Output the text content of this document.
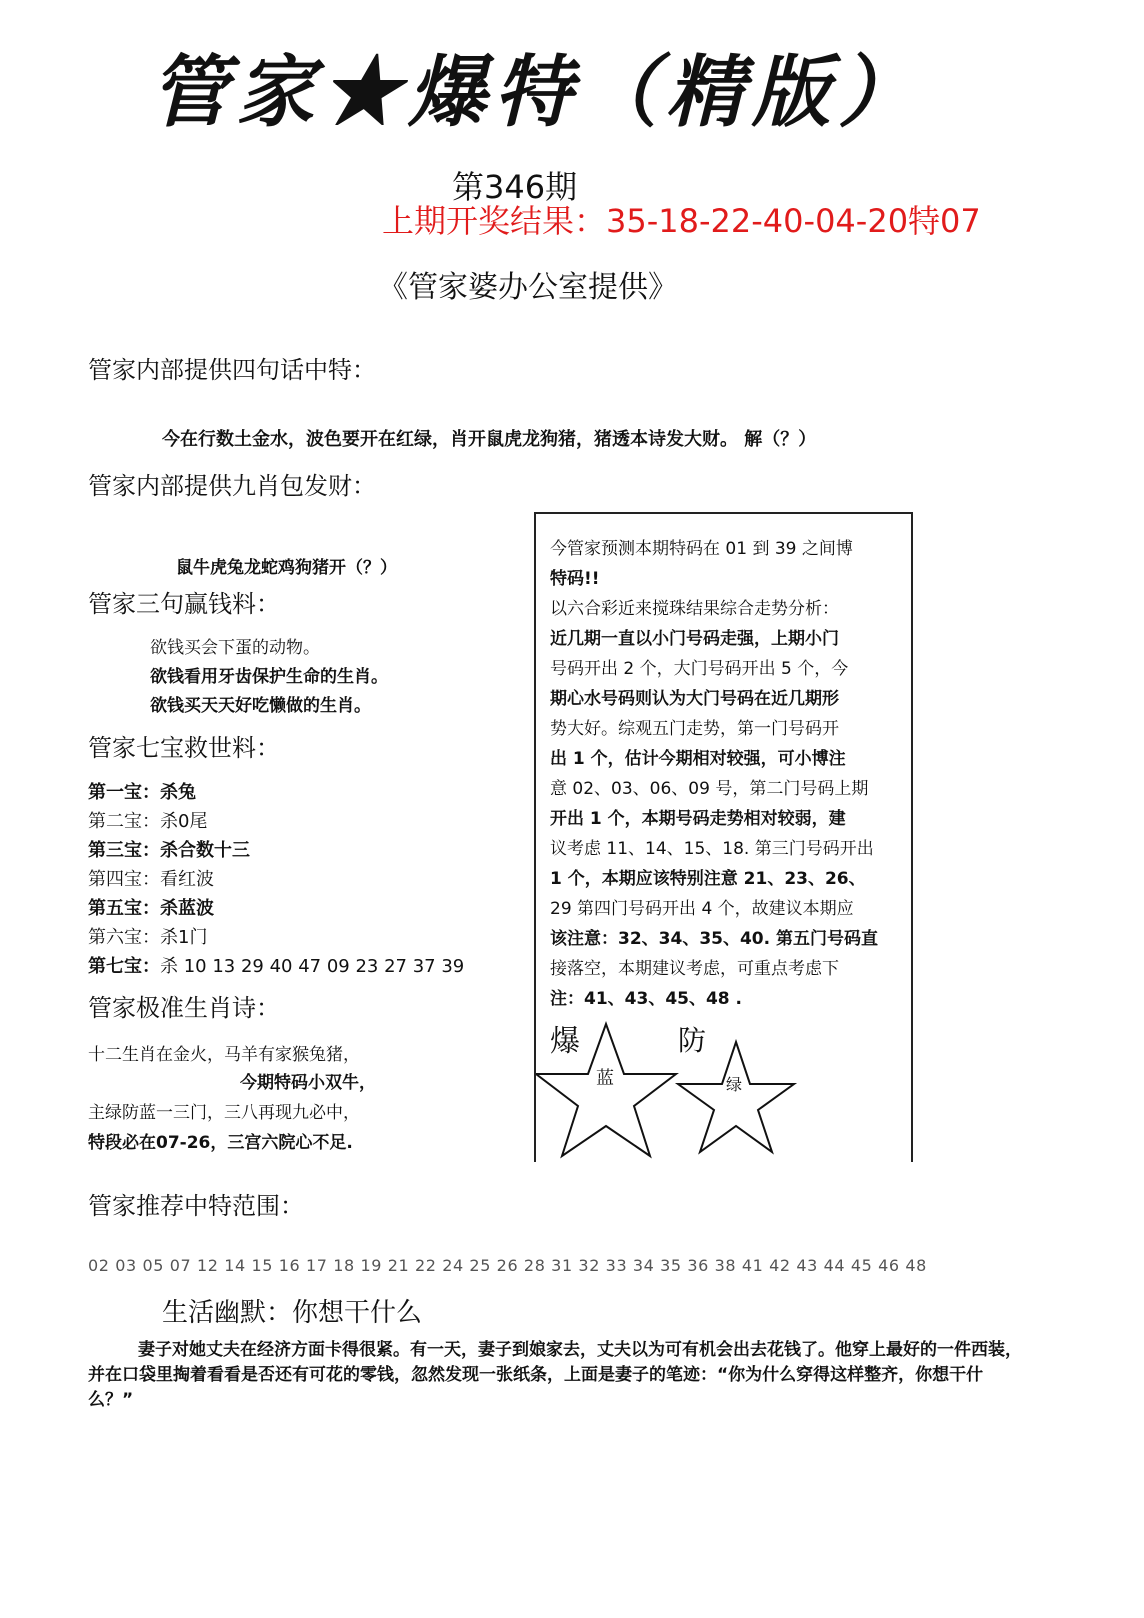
管家★爆特（精版）
第346期
上期开奖结果：35-18-22-40-04-20特07
《管家婆办公室提供》
管家内部提供四句话中特：
今在行数土金水，波色要开在红绿，肖开鼠虎龙狗猪，猪透本诗发大财。 解（？）
管家内部提供九肖包发财：
鼠牛虎兔龙蛇鸡狗猪开（？）
管家三句赢钱料：
欲钱买会下蛋的动物。
欲钱看用牙齿保护生命的生肖。
欲钱买天天好吃懒做的生肖。
管家七宝救世料：
第一宝：杀兔
第二宝：杀0尾
第三宝：杀合数十三
第四宝：看红波
第五宝：杀蓝波
第六宝：杀1门
第七宝：杀 10 13 29 40 47 09 23 27 37 39
管家极准生肖诗：
十二生肖在金火，马羊有家猴兔猪，
今期特码小双牛，
主绿防蓝一三门，三八再现九必中，
特段必在07-26，三宫六院心不足.
管家推荐中特范围：
02 03 05 07 12 14 15 16 17 18 19 21 22 24 25 26 28 31 32 33 34 35 36 38 41 42 43 44 45 46 48
今管家预测本期特码在 01 到 39 之间博
特码!!
以六合彩近来搅珠结果综合走势分析：
近几期一直以小门号码走强，上期小门
号码开出 2 个，大门号码开出 5 个，今
期心水号码则认为大门号码在近几期形
势大好。综观五门走势，第一门号码开
出 1 个，估计今期相对较强，可小博注
意 02、03、06、09 号，第二门号码上期
开出 1 个，本期号码走势相对较弱，建
议考虑 11、14、15、18. 第三门号码开出
1 个，本期应该特别注意 21、23、26、
29 第四门号码开出 4 个，故建议本期应
该注意：32、34、35、40. 第五门号码直
接落空，本期建议考虑，可重点考虑下
注：41、43、45、48 .
爆
蓝
防
绿
生活幽默：你想干什么
妻子对她丈夫在经济方面卡得很紧。有一天，妻子到娘家去，丈夫以为可有机会出去花钱了。他穿上最好的一件西装，并在口袋里掏着看看是否还有可花的零钱，忽然发现一张纸条，上面是妻子的笔迹：“你为什么穿得这样整齐，你想干什么？”
